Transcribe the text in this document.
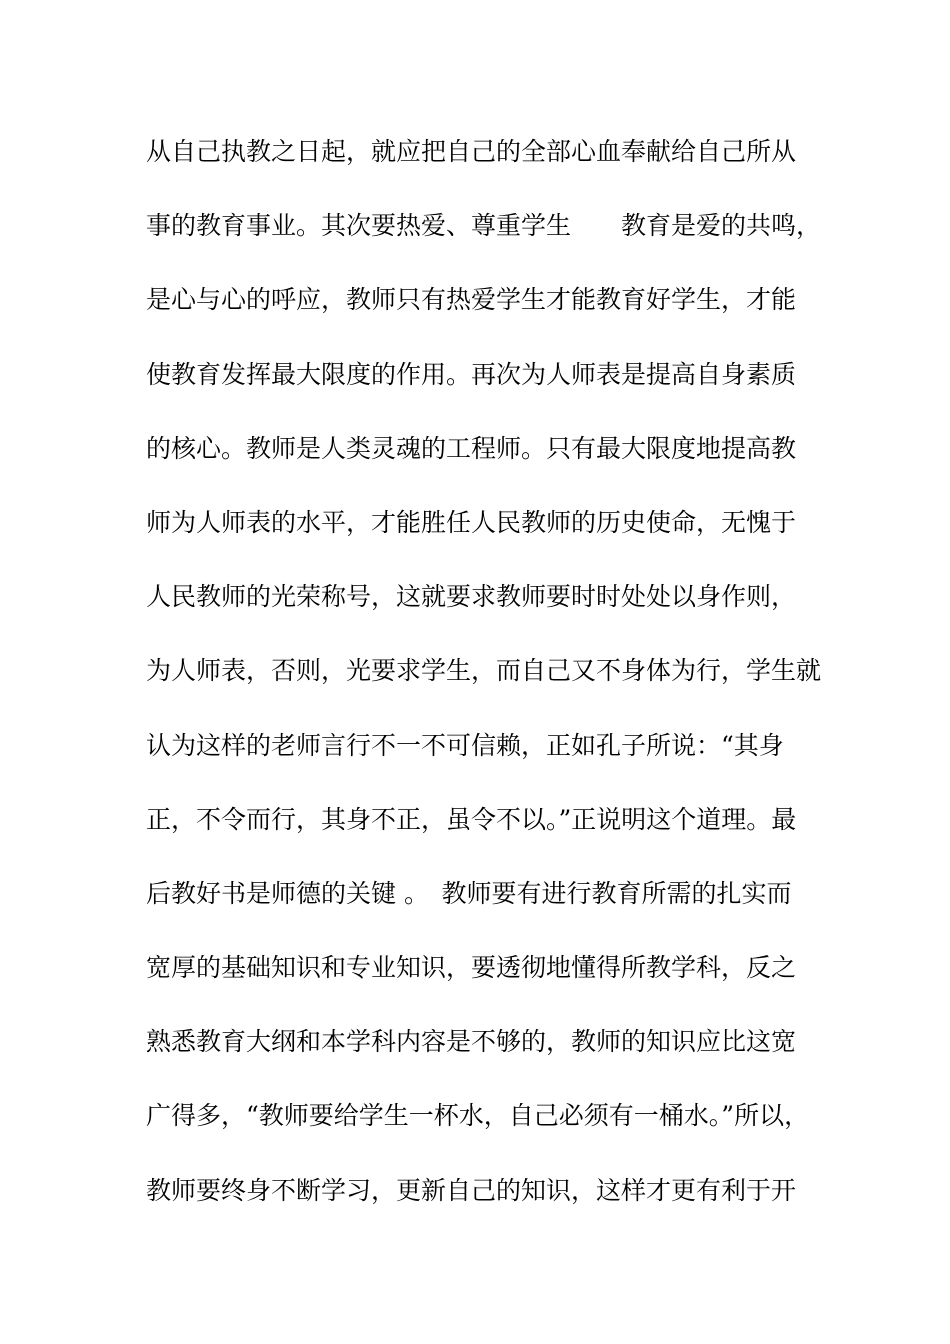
从自己执教之日起，就应把自己的全部心血奉献给自己所从
事的教育事业。其次要热爱、尊重学生　　教育是爱的共鸣，
是心与心的呼应，教师只有热爱学生才能教育好学生，才能
使教育发挥最大限度的作用。再次为人师表是提高自身素质
的核心。教师是人类灵魂的工程师。只有最大限度地提高教
师为人师表的水平，才能胜任人民教师的历史使命，无愧于
人民教师的光荣称号，这就要求教师要时时处处以身作则，
为人师表，否则，光要求学生，而自己又不身体为行，学生就
认为这样的老师言行不一不可信赖，正如孔子所说：“其身
正，不令而行，其身不正，虽令不以。”正说明这个道理。最
后教好书是师德的关键 。　教师要有进行教育所需的扎实而
宽厚的基础知识和专业知识，要透彻地懂得所教学科，反之
熟悉教育大纲和本学科内容是不够的，教师的知识应比这宽
广得多，“教师要给学生一杯水，自己必须有一桶水。”所以，
教师要终身不断学习，更新自己的知识，这样才更有利于开
